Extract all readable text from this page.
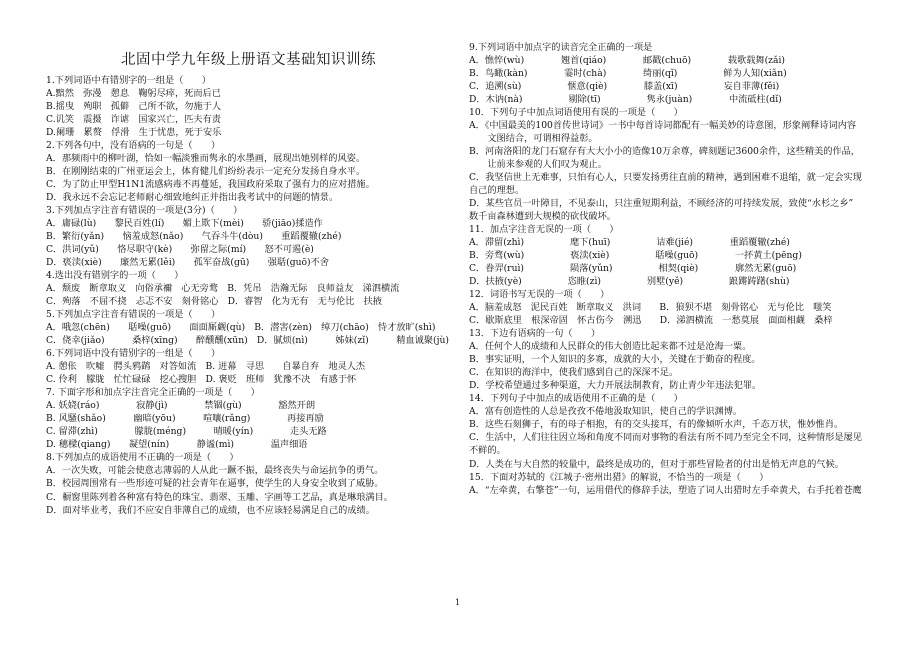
北固中学九年级上册语文基础知识训练
1.下列词语中有错别字的一组是（　　）
A.黯然　弥漫　憩息　鞠躬尽瘁，死而后已
B.摇曳　殉职　孤僻　己所不欲，勿施于人
C.讥笑　震摄　诈谑　国家兴亡，匹夫有责
D.阑珊　累赘　俘滑　生于忧患，死于安乐
2.下列各句中，没有语病的一句是（　　）
A．那频雨中的柳叶湖，恰如一幅淡雅而隽永的水墨画，展现出她别样的风姿。
B．在刚刚结束的广州亚运会上，体育健儿们纷纷表示一定充分发扬自身水平。
C．为了防止甲型H1N1流感病毒不再蔓延，我国政府采取了强有力的应对措施。
D．我永远不会忘记老师耐心细致地纠正并指出我考试中的问题的情景。
3.下列加点字注音有错误的一项是(3分)（　　）
A．庸碌(lù)　　黎民百姓(lí)　　媚上欺下(mèi)　　骄(jiāo)揉造作
B．繁衍(yǎn)　　恼羞成怒(nǎo)　　气吞斗牛(dòu)　　重蹈覆辙(zhé)
C．洪词(yǔ)　　恪尽职守(kè)　　弥留之际(mí)　　怒不可遏(è)
D．亵渎(xiè)　　廉然无累(lěi)　　孤军奋战(gū)　　强聒(guō)不舍
4.选出没有错别字的一项（　　）
A．颓废　断章取义　向俗承禰　心无旁鹜　B．凭吊　浩瀚无际　良师益友　涕泗横流
C．殉落　不屈不挠　忐忑不安　刻骨铭心　D．睿智　化为无有　无与伦比　扶掖
5.下列加点字注音有错误的一项是（　　）
A．哦忽(chēn)　　聒噪(guō)　　面面厮觑(qù)　B．潜害(zèn)　绰刀(chāo)　恃才放旷(shì)
C．侥幸(jiǎo)　　　桑梓(xīng)　　醉醺醺(xūn)　D．腻烦(nì)　　　姊妹(zǐ)　　　精血诚聚(jù)
6.下列词语中没有错别字的一组是（　　）
A. 憩伥　吹嘘　腭头鸦鹋　对答如流　B. 迸幕　寻思　　自暴自弃　地灵人杰
C. 伶利　朦胧　忙忙碌碌　挖心搜胆　D. 褒贬　班师　犹豫不决　有感于怀
7. 下面字形和加点字注音完全正确的一项是（　　）
A. 妖娆(ráo)　　　　寂静(jì)　　　　禁锢(gù)　　　　豁然开朗
B. 风騷(shǎo)　　　幽暗(yōu)　　　喧嚷(rǎng)　　　　再接再励
C. 留滞(zhì)　　　　朦胧(méng)　　　晴暖(yín)　　　　走头无路
D. 穗樑(qiang)　　凝望(nín)　　　静谧(mì)　　　　温声细语
8.下列加点的成语使用不正确的一项是（　　）
A．一次失败，可能会使意志薄弱的人从此一蹶不振，最终丧失与命运抗争的勇气。
B．校园周围常有一些形迹可疑的社会青年在逼事，使学生的人身安全收到了威胁。
C．橱窗里陈列着各种富有特色的珠宝、翡翠、玉雕、字画等工艺品，真是琳琅满目。
D．面对毕业考，我们不应安自菲薄自己的成绩，也不应该轻易满足自己的成绩。
9.下列词语中加点字的读音完全正确的一项是
A．憔悴(wù)　　　　翘首(qiáo)　　　　邮戳(chuō)　　　　载歌载舞(zǎi)
B．鸟瞰(kàn)　　　　霎时(chà)　　　　绮丽(qǐ)　　　　　鲜为人知(xiǎn)
C．追溯(sù)　　　　　惬意(qiè)　　　　膝盖(xī)　　　　　妄自菲薄(fěi)
D．木讷(nà)　　　　　剔除(tī)　　　　　隽永(juàn)　　　　中流砥柱(dǐ)
10．下列句子中加点词语使用有误的一项是（　　）
A．《中国最美的100首传世诗词》一书中每首诗词都配有一幅美妙的诗意图，形象阐释诗词内容
　　文图结合，可谓相得益彰。
B．河南洛阳的龙门石窟存有大大小小的造像10万余尊，碑刻题记3600余件，这些精美的作品，
　　让前来参观的人们叹为观止。
C．我坚信世上无难事，只怕有心人，只要发扬勇往直前的精神，遇到困难不退缩，就一定会实现
自己的理想。
D．某些官员一叶障目，不见泰山，只注重短期利益，不顾经济的可持续发展，致使“水杉之乡”
数千亩森林遭到大规模的砍伐破坏。
11．加点字注音无误的一项（　　）
A．滞留(zhì)　　　　　麾下(huī)　　　　　诘难(jié)　　　　重蹈覆辙(zhé)
B．旁骛(wù)　　　　　亵渎(xiè)　　　　　聒噪(guō)　　　　一抔黄土(pēng)
C．眷羿(ruì)　　　　　陨落(yǔn)　　　　　相契(qiè)　　　　廓然无累(guō)
D．扶掖(yè)　　　　　恣睢(zì)　　　　　别墅(yě)　　　　　踉蹡踌躇(shù)
12．词语书写无误的一项（　　）
A．脑羞成怒　泥民百姓　断章取义　洪词　　B．狼狈不堪　刻骨铭心　无与伦比　嗤笑
C．歇斯底里　根深帝固　怀古伤今　溯迅　　D．涕泗横流　一愁莫展　面面相觑　桑梓
13．下边有语病的一句（　　）
A．任何个人的成绩和人民群众的伟大创造比起来都不过是沧海一粟。
B．事实证明，一个人知识的多寡，成就的大小，关键在于勤奋的程度。
C．在知识的海洋中，使我们感到自己的深深不足。
D．学校希望通过多种渠道，大力开展法制教育，防止青少年违法犯罪。
14．下列句子中加点的成语使用不正确的是（　　）
A．富有创造性的人总是孜孜不倦地汲取知识，使自己的学识渊博。
B．这些石刻狮子，有的母子相抱，有的交头接耳，有的像倾听水声，千态万状，惟妙惟肖。
C．生活中，人们往往因立场和角度不同而对事物的看法有所不同乃至完全不同，这种情形是屡见
不鲜的。
D．人类在与大自然的较量中，最终是成功的，但对于那些冒险者的付出是悄无声息的气候。
15．下面对苏轼的《江城子·密州出猎》的解说，不恰当的一项是（　　）
A．“左牵黄，右擎苍”一句，运用借代的修辞手法，塑造了词人出猎时左手牵黄犬，右手托着苍鹰
1
